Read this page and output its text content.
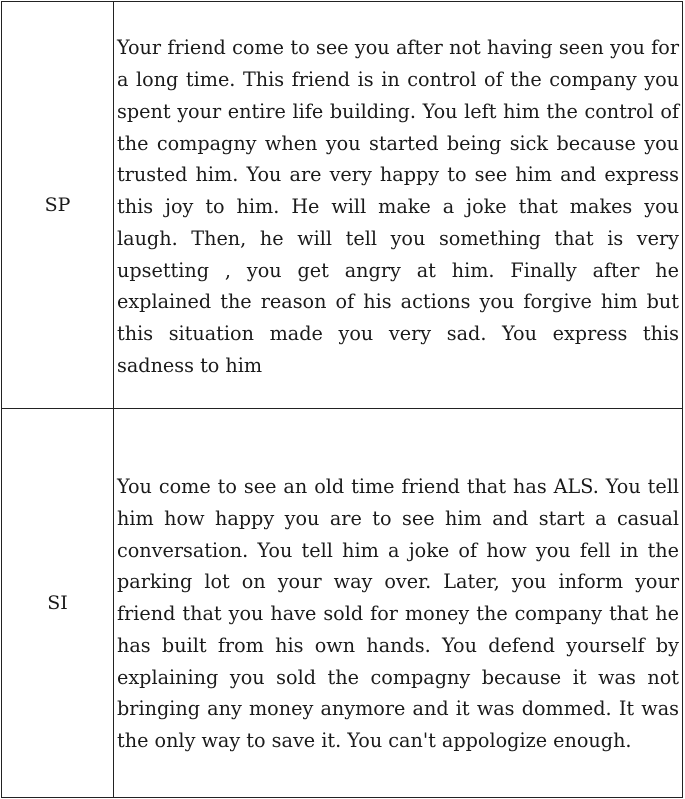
SP	Your friend come to see you after not having seen you for a long time. This friend is in control of the company you spent your entire life building. You left him the control of the compagny when you started being sick because you trusted him. You are very happy to see him and express this joy to him. He will make a joke that makes you laugh. Then, he will tell you something that is very upsetting , you get angry at him. Finally after he explained the reason of his actions you forgive him but this situation made you very sad. You express this sadness to him

SI	You come to see an old time friend that has ALS. You tell him how happy you are to see him and start a casual conversation. You tell him a joke of how you fell in the parking lot on your way over. Later, you inform your friend that you have sold for money the company that he has built from his own hands. You defend yourself by explaining you sold the compagny because it was not bringing any money anymore and it was dommed. It was the only way to save it. You can't appologize enough.
